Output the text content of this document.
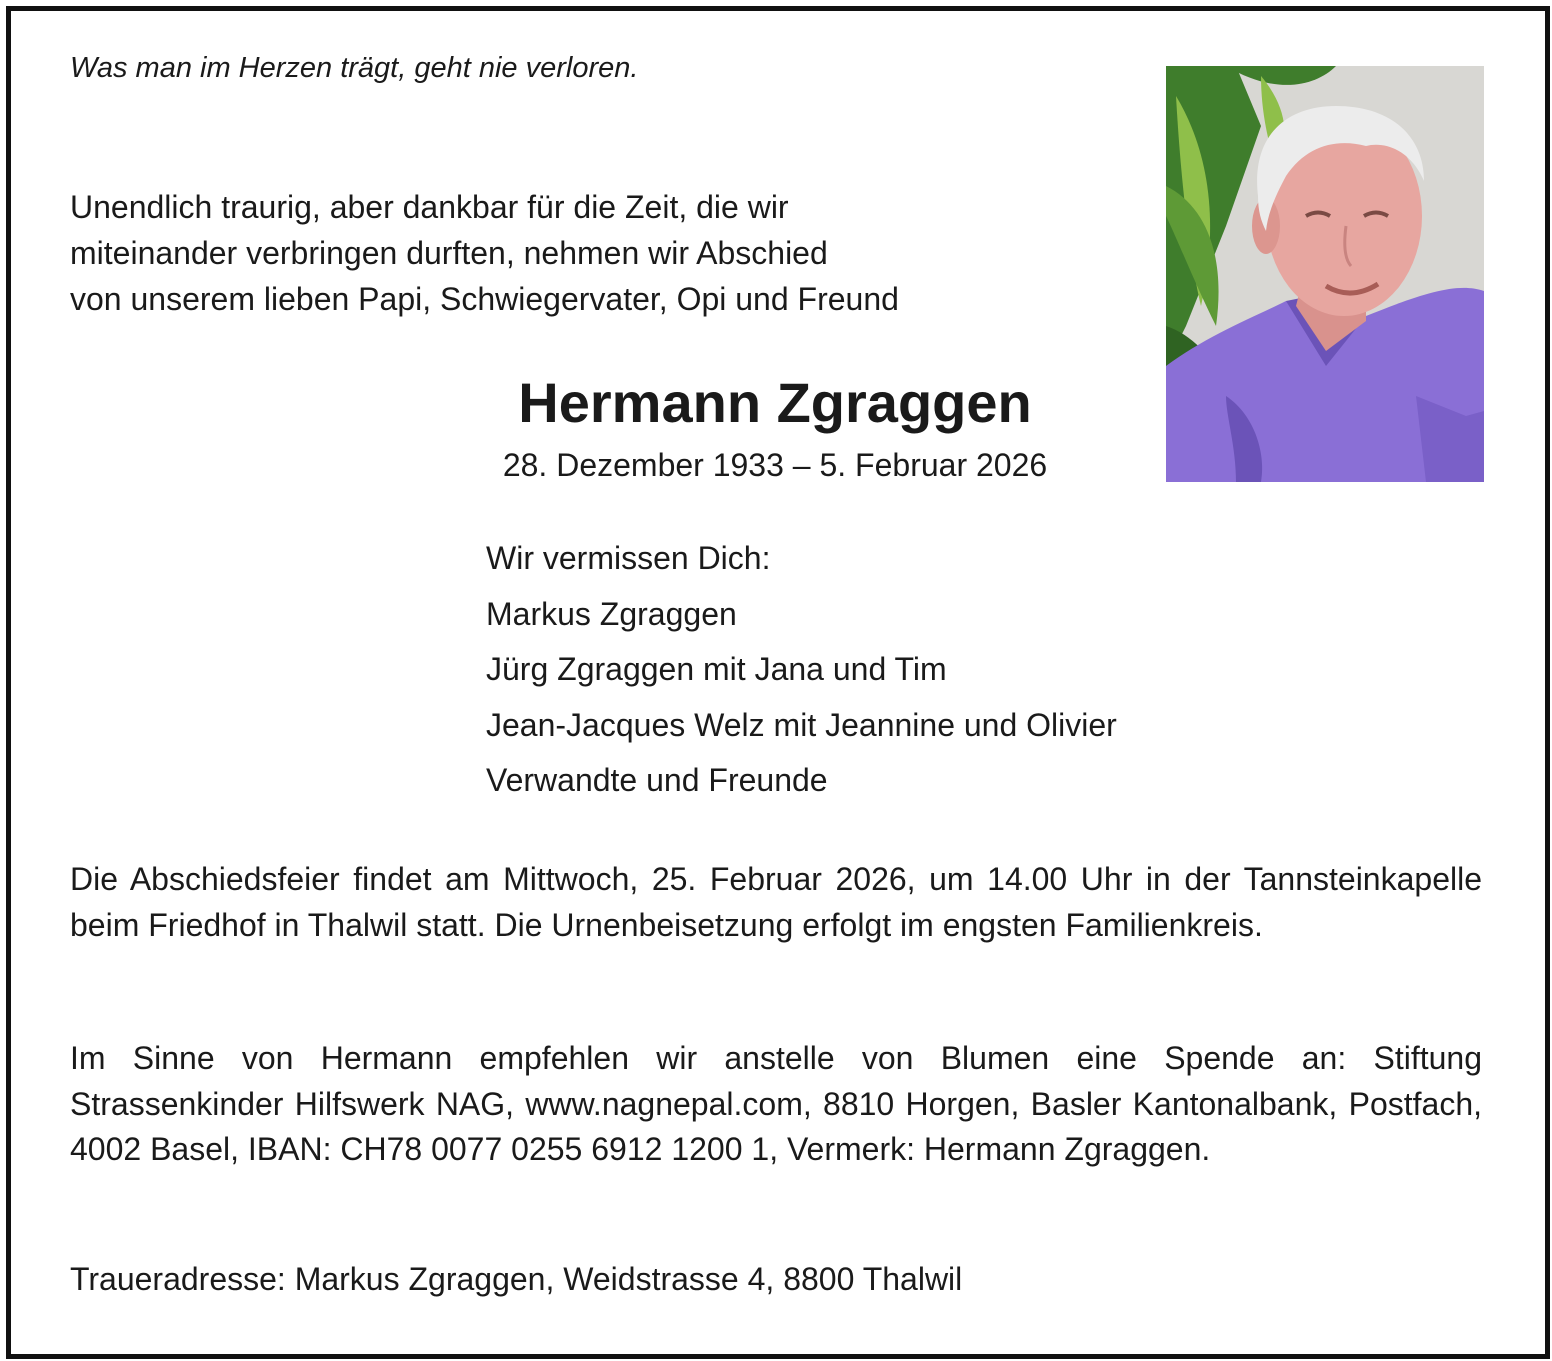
Was man im Herzen trägt, geht nie verloren.
Unendlich traurig, aber dankbar für die Zeit, die wir
miteinander verbringen durften, nehmen wir Abschied
von unserem lieben Papi, Schwiegervater, Opi und Freund
Hermann Zgraggen
28. Dezember 1933 – 5. Februar 2026
Wir vermissen Dich:
Markus Zgraggen
Jürg Zgraggen mit Jana und Tim
Jean-Jacques Welz mit Jeannine und Olivier
Verwandte und Freunde
Die Abschiedsfeier findet am Mittwoch, 25. Februar 2026, um 14.00 Uhr in der Tannsteinkapelle beim Friedhof in Thalwil statt. Die Urnenbeisetzung erfolgt im engsten Familienkreis.
Im Sinne von Hermann empfehlen wir anstelle von Blumen eine Spende an: Stiftung Strassenkinder Hilfswerk NAG, www.nagnepal.com, 8810 Horgen, Basler Kantonalbank, Postfach, 4002 Basel, IBAN: CH78 0077 0255 6912 1200 1, Vermerk: Hermann Zgraggen.
Traueradresse: Markus Zgraggen, Weidstrasse 4, 8800 Thalwil
